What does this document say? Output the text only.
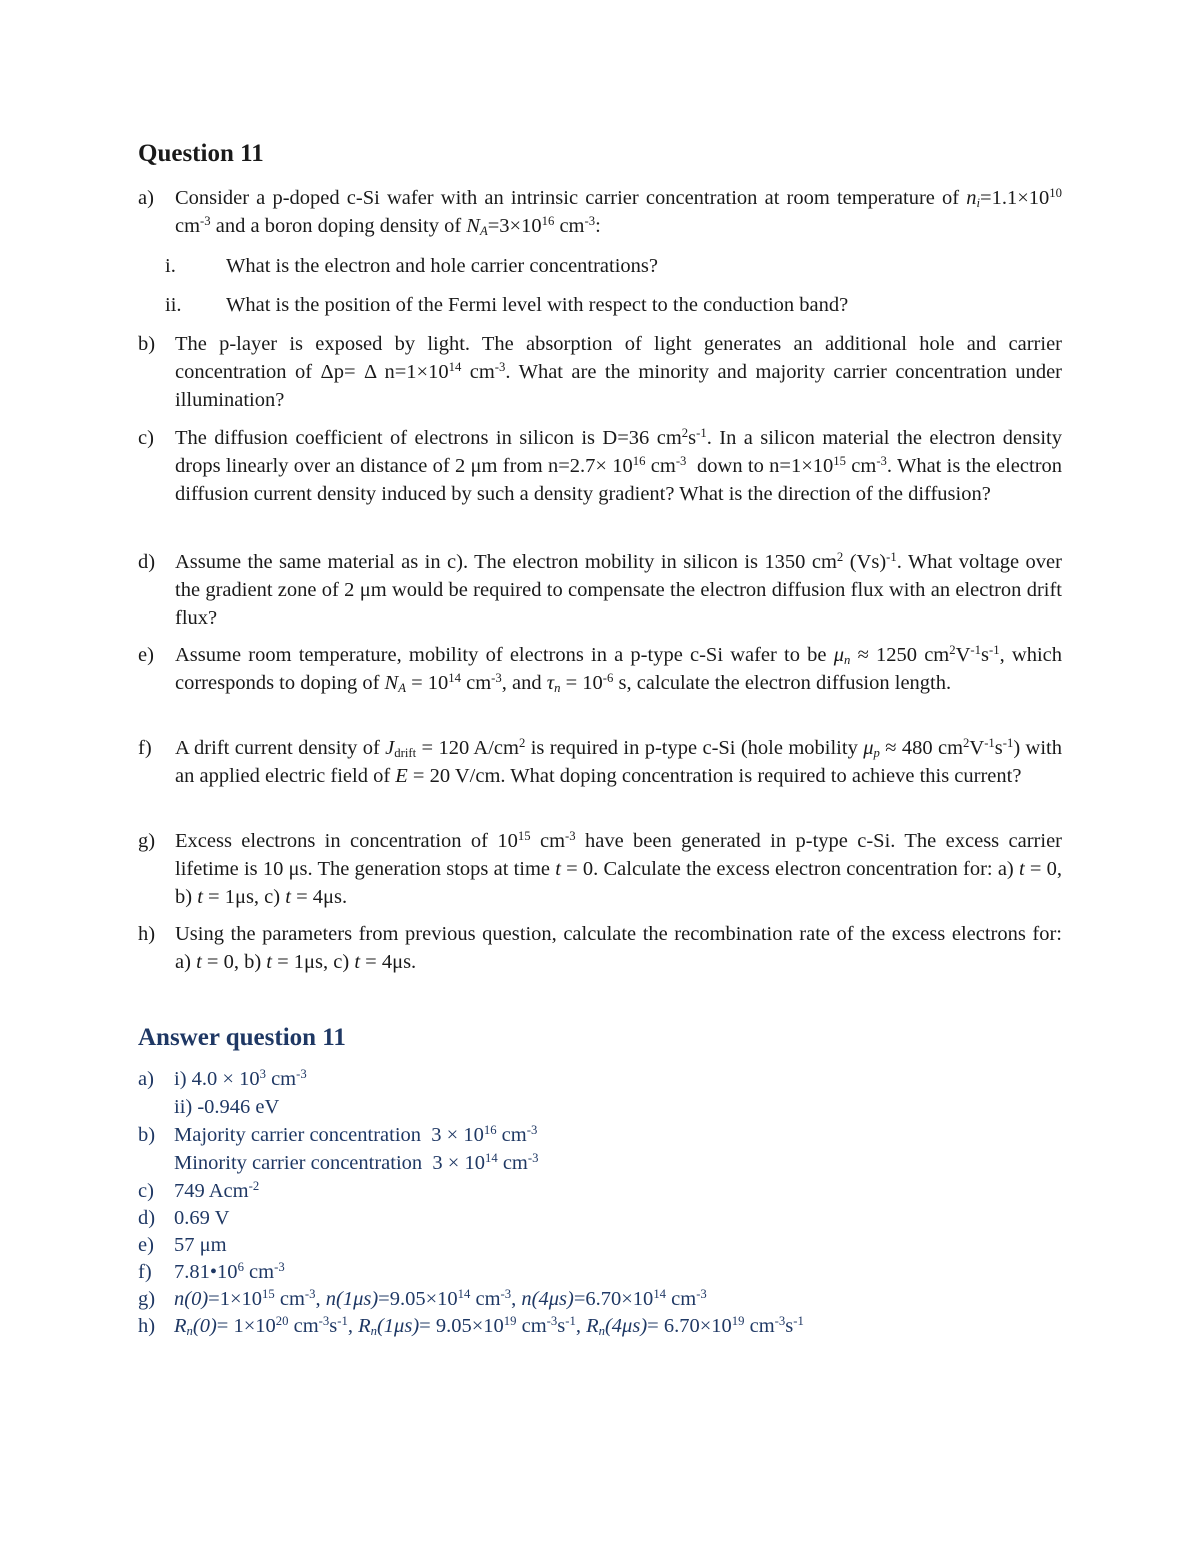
Question 11
a) Consider a p-doped c-Si wafer with an intrinsic carrier concentration at room temperature of $n_i=1.1\times 10^{10}$ $cm^{-3}$ and a boron doping density of $N_A=3\times 10^{16}$ $cm^{-3}$:
i. What is the electron and hole carrier concentrations?
ii. What is the position of the Fermi level with respect to the conduction band?
b) The p-layer is exposed by light. The absorption of light generates an additional hole and carrier concentration of Δp= Δ $n=1\times 10^{14}$ $cm^{-3}$. What are the minority and majority carrier concentration under illumination?
c) The diffusion coefficient of electrons in silicon is D=36 $cm^2s^{-1}$. In a silicon material the electron density drops linearly over an distance of 2 μm from $n=2.7\times 10^{16}$ $cm^{-3}$  down to $n=1\times 10^{15}$ $cm^{-3}$. What is the electron diffusion current density induced by such a density gradient? What is the direction of the diffusion?
d) Assume the same material as in c). The electron mobility in silicon is 1350 $cm^2$ $(Vs)^{-1}$. What voltage over the gradient zone of 2 μm would be required to compensate the electron diffusion flux with an electron drift flux?
e) Assume room temperature, mobility of electrons in a p-type c-Si wafer to be $\mu_n \approx 1250$ $cm^2V^{-1}s^{-1}$, which corresponds to doping of $N_A = 10^{14}$ $cm^{-3}$, and $\tau_n = 10^{-6}$ s, calculate the electron diffusion length.
f) A drift current density of $J_{drift} = 120$ $A/cm^2$ is required in p-type c-Si (hole mobility $\mu_p \approx 480$ $cm^2V^{-1}s^{-1}$) with an applied electric field of E = 20 V/cm. What doping concentration is required to achieve this current?
g) Excess electrons in concentration of $10^{15}$ $cm^{-3}$ have been generated in p-type c-Si. The excess carrier lifetime is 10 μs. The generation stops at time t = 0. Calculate the excess electron concentration for: a) t = 0, b) t = 1μs, c) t = 4μs.
h) Using the parameters from previous question, calculate the recombination rate of the excess electrons for: a) t = 0, b) t = 1μs, c) t = 4μs.
Answer question 11
a) i) $4.0 \times 10^3$ $cm^{-3}$
ii) -0.946 eV
b) Majority carrier concentration  $3 \times 10^{16}$ $cm^{-3}$
Minority carrier concentration  $3 \times 10^{14}$ $cm^{-3}$
c) 749 Acm$^{-2}$
d) 0.69 V
e) 57 μm
f) $7.81•10^6$ $cm^{-3}$
g) $n(0)=1\times 10^{15}$ $cm^{-3}$, $n(1\mu s)=9.05\times 10^{14}$ $cm^{-3}$, $n(4\mu s)=6.70\times 10^{14}$ $cm^{-3}$
h) $R_n(0)= 1\times 10^{20}$ $cm^{-3}s^{-1}$, $R_n(1\mu s)= 9.05\times 10^{19}$ $cm^{-3}s^{-1}$, $R_n(4\mu s)= 6.70\times 10^{19}$ $cm^{-3}s^{-1}$
